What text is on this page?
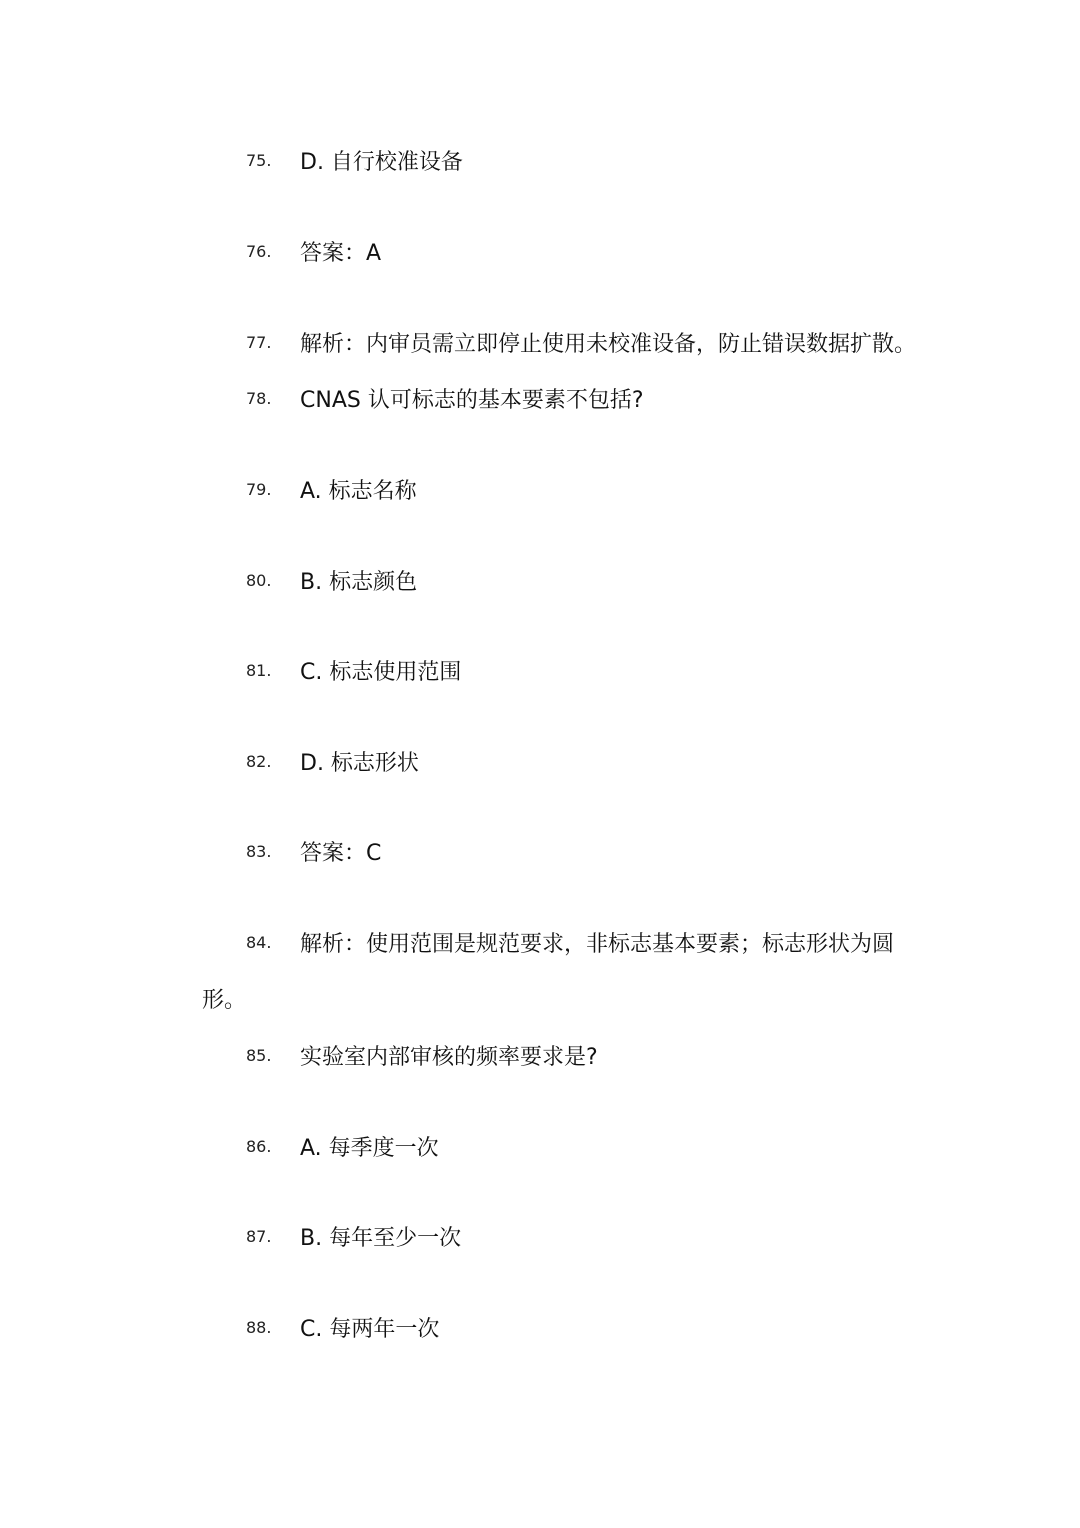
75.	D. 自行校准设备
76.	答案：A
77.	解析：内审员需立即停止使用未校准设备，防止错误数据扩散。
78.	CNAS 认可标志的基本要素不包括?
79.	A. 标志名称
80.	B. 标志颜色
81.	C. 标志使用范围
82.	D. 标志形状
83.	答案：C
84.	解析：使用范围是规范要求，非标志基本要素；标志形状为圆
形。
85.	实验室内部审核的频率要求是?
86.	A. 每季度一次
87.	B. 每年至少一次
88.	C. 每两年一次
